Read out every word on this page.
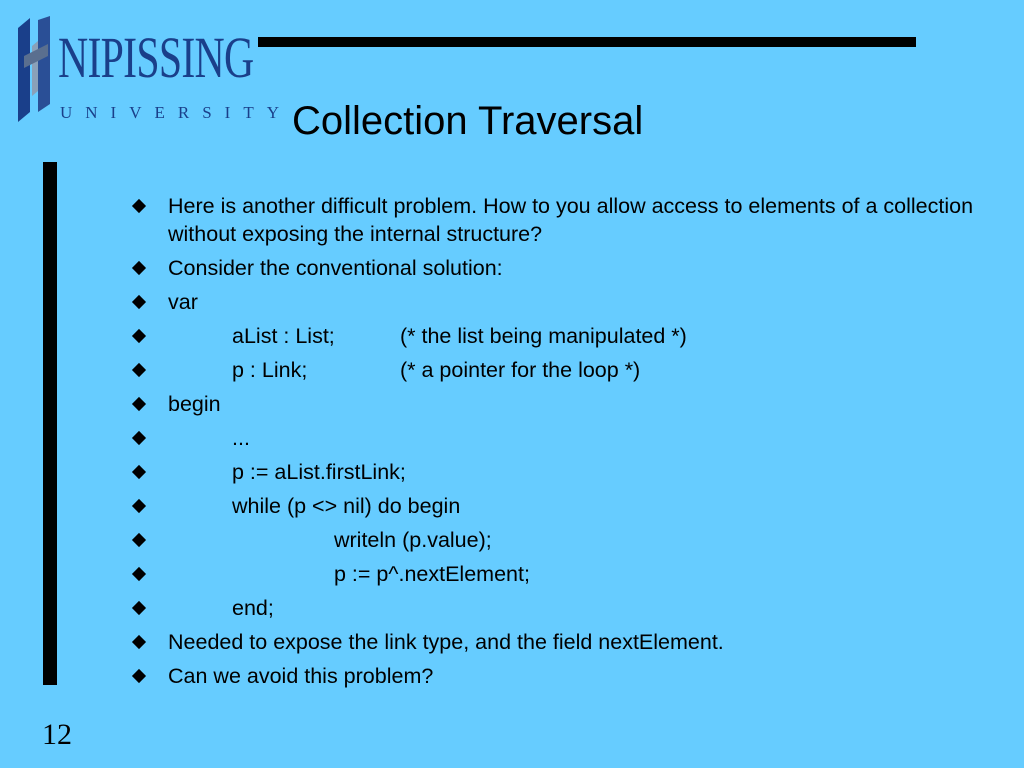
NIPISSING
UNIVERSITY Collection Traversal
Here is another difficult problem. How to you allow access to elements of a collection without exposing the internal structure?
Consider the conventional solution:
var
aList : List;	(* the list being manipulated *)
p : Link;	(* a pointer for the loop *)
begin
...
p := aList.firstLink;
while (p <> nil) do begin
writeln (p.value);
p := p^.nextElement;
end;
Needed to expose the link type, and the field nextElement.
Can we avoid this problem?
12
